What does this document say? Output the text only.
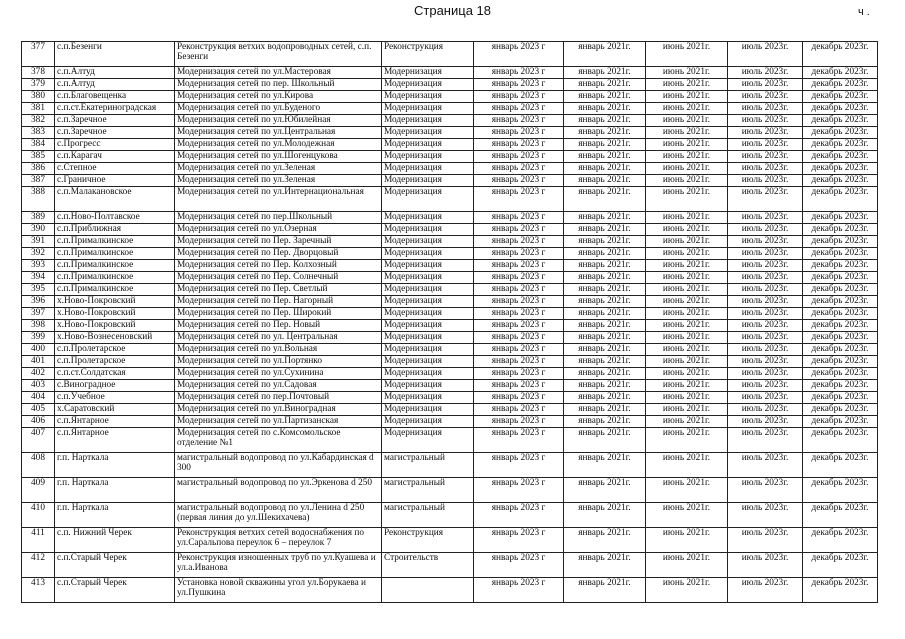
Страница 18	ч .
377	с.п.Безенги	Реконструкция ветхих водопроводных сетей, с.п. Безенги	Реконструкция	январь 2023 г	январь 2021г.	июнь 2021г.	июль 2023г.	декабрь 2023г.
378	с.п.Алтуд	Модернизация сетей по ул.Мастеровая	Модернизация	январь 2023 г	январь 2021г.	июнь 2021г.	июль 2023г.	декабрь 2023г.
379	с.п.Алтуд	Модернизация сетей по пер. Школьный	Модернизация	январь 2023 г	январь 2021г.	июнь 2021г.	июль 2023г.	декабрь 2023г.
380	с.п.Благовещенка	Модернизация сетей по ул.Кирова	Модернизация	январь 2023 г	январь 2021г.	июнь 2021г.	июль 2023г.	декабрь 2023г.
381	с.п.ст.Екатериноградская	Модернизация сетей по ул.Буденого	Модернизация	январь 2023 г	январь 2021г.	июнь 2021г.	июль 2023г.	декабрь 2023г.
382	с.п.Заречное	Модернизация сетей по ул.Юбилейная	Модернизация	январь 2023 г	январь 2021г.	июнь 2021г.	июль 2023г.	декабрь 2023г.
383	с.п.Заречное	Модернизация сетей по ул.Центральная	Модернизация	январь 2023 г	январь 2021г.	июнь 2021г.	июль 2023г.	декабрь 2023г.
384	с.Прогресс	Модернизация сетей по ул.Молодежная	Модернизация	январь 2023 г	январь 2021г.	июнь 2021г.	июль 2023г.	декабрь 2023г.
385	с.п.Карагач	Модернизация сетей по ул.Шогенцукова	Модернизация	январь 2023 г	январь 2021г.	июнь 2021г.	июль 2023г.	декабрь 2023г.
386	с.Степное	Модернизация сетей по ул.Зеленая	Модернизация	январь 2023 г	январь 2021г.	июнь 2021г.	июль 2023г.	декабрь 2023г.
387	с.Граничное	Модернизация сетей по ул.Зеленая	Модернизация	январь 2023 г	январь 2021г.	июнь 2021г.	июль 2023г.	декабрь 2023г.
388	с.п.Малакановское	Модернизация сетей по ул.Интернациональная	Модернизация	январь 2023 г	январь 2021г.	июнь 2021г.	июль 2023г.	декабрь 2023г.
389	с.п.Ново-Полтавское	Модернизация сетей по пер.Школьный	Модернизация	январь 2023 г	январь 2021г.	июнь 2021г.	июль 2023г.	декабрь 2023г.
390	с.п.Приближная	Модернизация сетей по ул.Озерная	Модернизация	январь 2023 г	январь 2021г.	июнь 2021г.	июль 2023г.	декабрь 2023г.
391	с.п.Прималкинское	Модернизация сетей по Пер. Заречный	Модернизация	январь 2023 г	январь 2021г.	июнь 2021г.	июль 2023г.	декабрь 2023г.
392	с.п.Прималкинское	Модернизация сетей по Пер. Дворцовый	Модернизация	январь 2023 г	январь 2021г.	июнь 2021г.	июль 2023г.	декабрь 2023г.
393	с.п.Прималкинское	Модернизация сетей по Пер. Колхозный	Модернизация	январь 2023 г	январь 2021г.	июнь 2021г.	июль 2023г.	декабрь 2023г.
394	с.п.Прималкинское	Модернизация сетей по Пер. Солнечный	Модернизация	январь 2023 г	январь 2021г.	июнь 2021г.	июль 2023г.	декабрь 2023г.
395	с.п.Прималкинское	Модернизация сетей по Пер. Светлый	Модернизация	январь 2023 г	январь 2021г.	июнь 2021г.	июль 2023г.	декабрь 2023г.
396	х.Ново-Покровский	Модернизация сетей по Пер. Нагорный	Модернизация	январь 2023 г	январь 2021г.	июнь 2021г.	июль 2023г.	декабрь 2023г.
397	х.Ново-Покровский	Модернизация сетей по Пер. Широкий	Модернизация	январь 2023 г	январь 2021г.	июнь 2021г.	июль 2023г.	декабрь 2023г.
398	х.Ново-Покровский	Модернизация сетей по Пер. Новый	Модернизация	январь 2023 г	январь 2021г.	июнь 2021г.	июль 2023г.	декабрь 2023г.
399	х.Ново-Вознесеновский	Модернизация сетей по ул. Центральная	Модернизация	январь 2023 г	январь 2021г.	июнь 2021г.	июль 2023г.	декабрь 2023г.
400	с.п.Пролетарское	Модернизация сетей по ул.Вольная	Модернизация	январь 2023 г	январь 2021г.	июнь 2021г.	июль 2023г.	декабрь 2023г.
401	с.п.Пролетарское	Модернизация сетей по ул.Портянко	Модернизация	январь 2023 г	январь 2021г.	июнь 2021г.	июль 2023г.	декабрь 2023г.
402	с.п.ст.Солдатская	Модернизация сетей по ул.Сухинина	Модернизация	январь 2023 г	январь 2021г.	июнь 2021г.	июль 2023г.	декабрь 2023г.
403	с.Виноградное	Модернизация сетей по ул.Садовая	Модернизация	январь 2023 г	январь 2021г.	июнь 2021г.	июль 2023г.	декабрь 2023г.
404	с.п.Учебное	Модернизация сетей по пер.Почтовый	Модернизация	январь 2023 г	январь 2021г.	июнь 2021г.	июль 2023г.	декабрь 2023г.
405	х.Саратовский	Модернизация сетей по ул.Виноградная	Модернизация	январь 2023 г	январь 2021г.	июнь 2021г.	июль 2023г.	декабрь 2023г.
406	с.п.Янтарное	Модернизация сетей по ул.Партизанская	Модернизация	январь 2023 г	январь 2021г.	июнь 2021г.	июль 2023г.	декабрь 2023г.
407	с.п.Янтарное	Модернизация сетей по с.Комсомольское отделение №1	Модернизация	январь 2023 г	январь 2021г.	июнь 2021г.	июль 2023г.	декабрь 2023г.
408	г.п. Нарткала	магистральный водопровод по ул.Кабардинская d 300	магистральный	январь 2023 г	январь 2021г.	июнь 2021г.	июль 2023г.	декабрь 2023г.
409	г.п. Нарткала	магистральный водопровод по ул.Эркенова d 250	магистральный	январь 2023 г	январь 2021г.	июнь 2021г.	июль 2023г.	декабрь 2023г.
410	г.п. Нарткала	магистральный водопровод по ул.Ленина d 250 (первая линия до ул.Шекихачева)	магистральный	январь 2023 г	январь 2021г.	июнь 2021г.	июль 2023г.	декабрь 2023г.
411	с.п. Нижний Черек	Реконструкция ветхих сетей водоснабжения по ул.Саральпова переулок 6 – переулок 7	Реконструкция	январь 2023 г	январь 2021г.	июнь 2021г.	июль 2023г.	декабрь 2023г.
412	с.п.Старый Черек	Реконструкция изношенных труб по ул.Куашева и ул.а.Иванова	Строительств	январь 2023 г	январь 2021г.	июнь 2021г.	июль 2023г.	декабрь 2023г.
413	с.п.Старый Черек	Установка новой скважины угол ул.Борукаева и ул.Пушкина		январь 2023 г	январь 2021г.	июнь 2021г.	июль 2023г.	декабрь 2023г.
